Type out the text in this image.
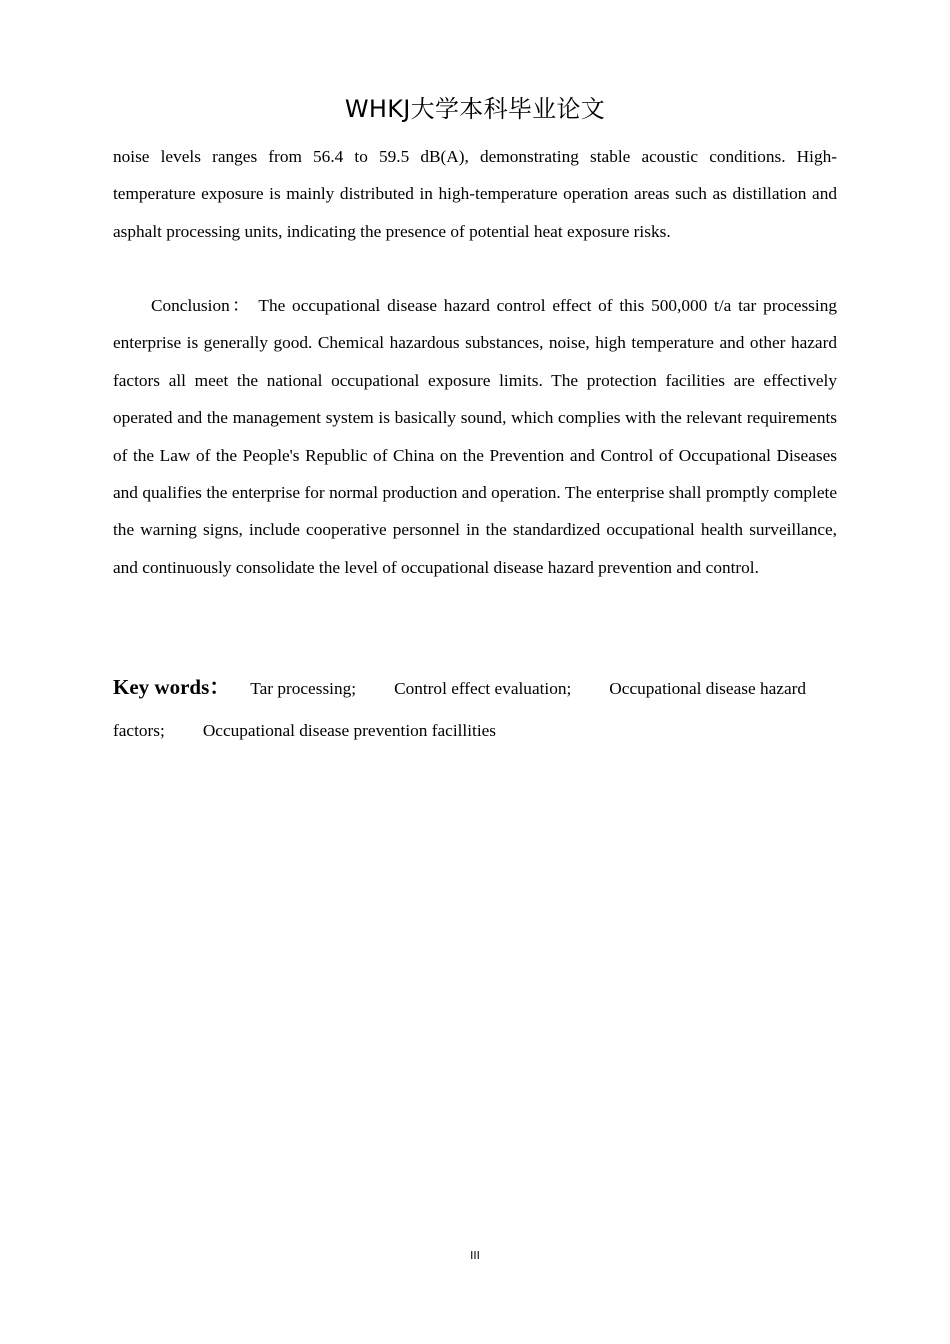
WHKJ大学本科毕业论文

noise levels ranges from 56.4 to 59.5 dB(A), demonstrating stable acoustic conditions. High-temperature exposure is mainly distributed in high-temperature operation areas such as distillation and asphalt processing units, indicating the presence of potential heat exposure risks.

Conclusion： The occupational disease hazard control effect of this 500,000 t/a tar processing enterprise is generally good. Chemical hazardous substances, noise, high temperature and other hazard factors all meet the national occupational exposure limits. The protection facilities are effectively operated and the management system is basically sound, which complies with the relevant requirements of the Law of the People's Republic of China on the Prevention and Control of Occupational Diseases and qualifies the enterprise for normal production and operation. The enterprise shall promptly complete the warning signs, include cooperative personnel in the standardized occupational health surveillance, and continuously consolidate the level of occupational disease hazard prevention and control.

Key words： Tar processing; Control effect evaluation; Occupational disease hazard factors; Occupational disease prevention facillities

III
